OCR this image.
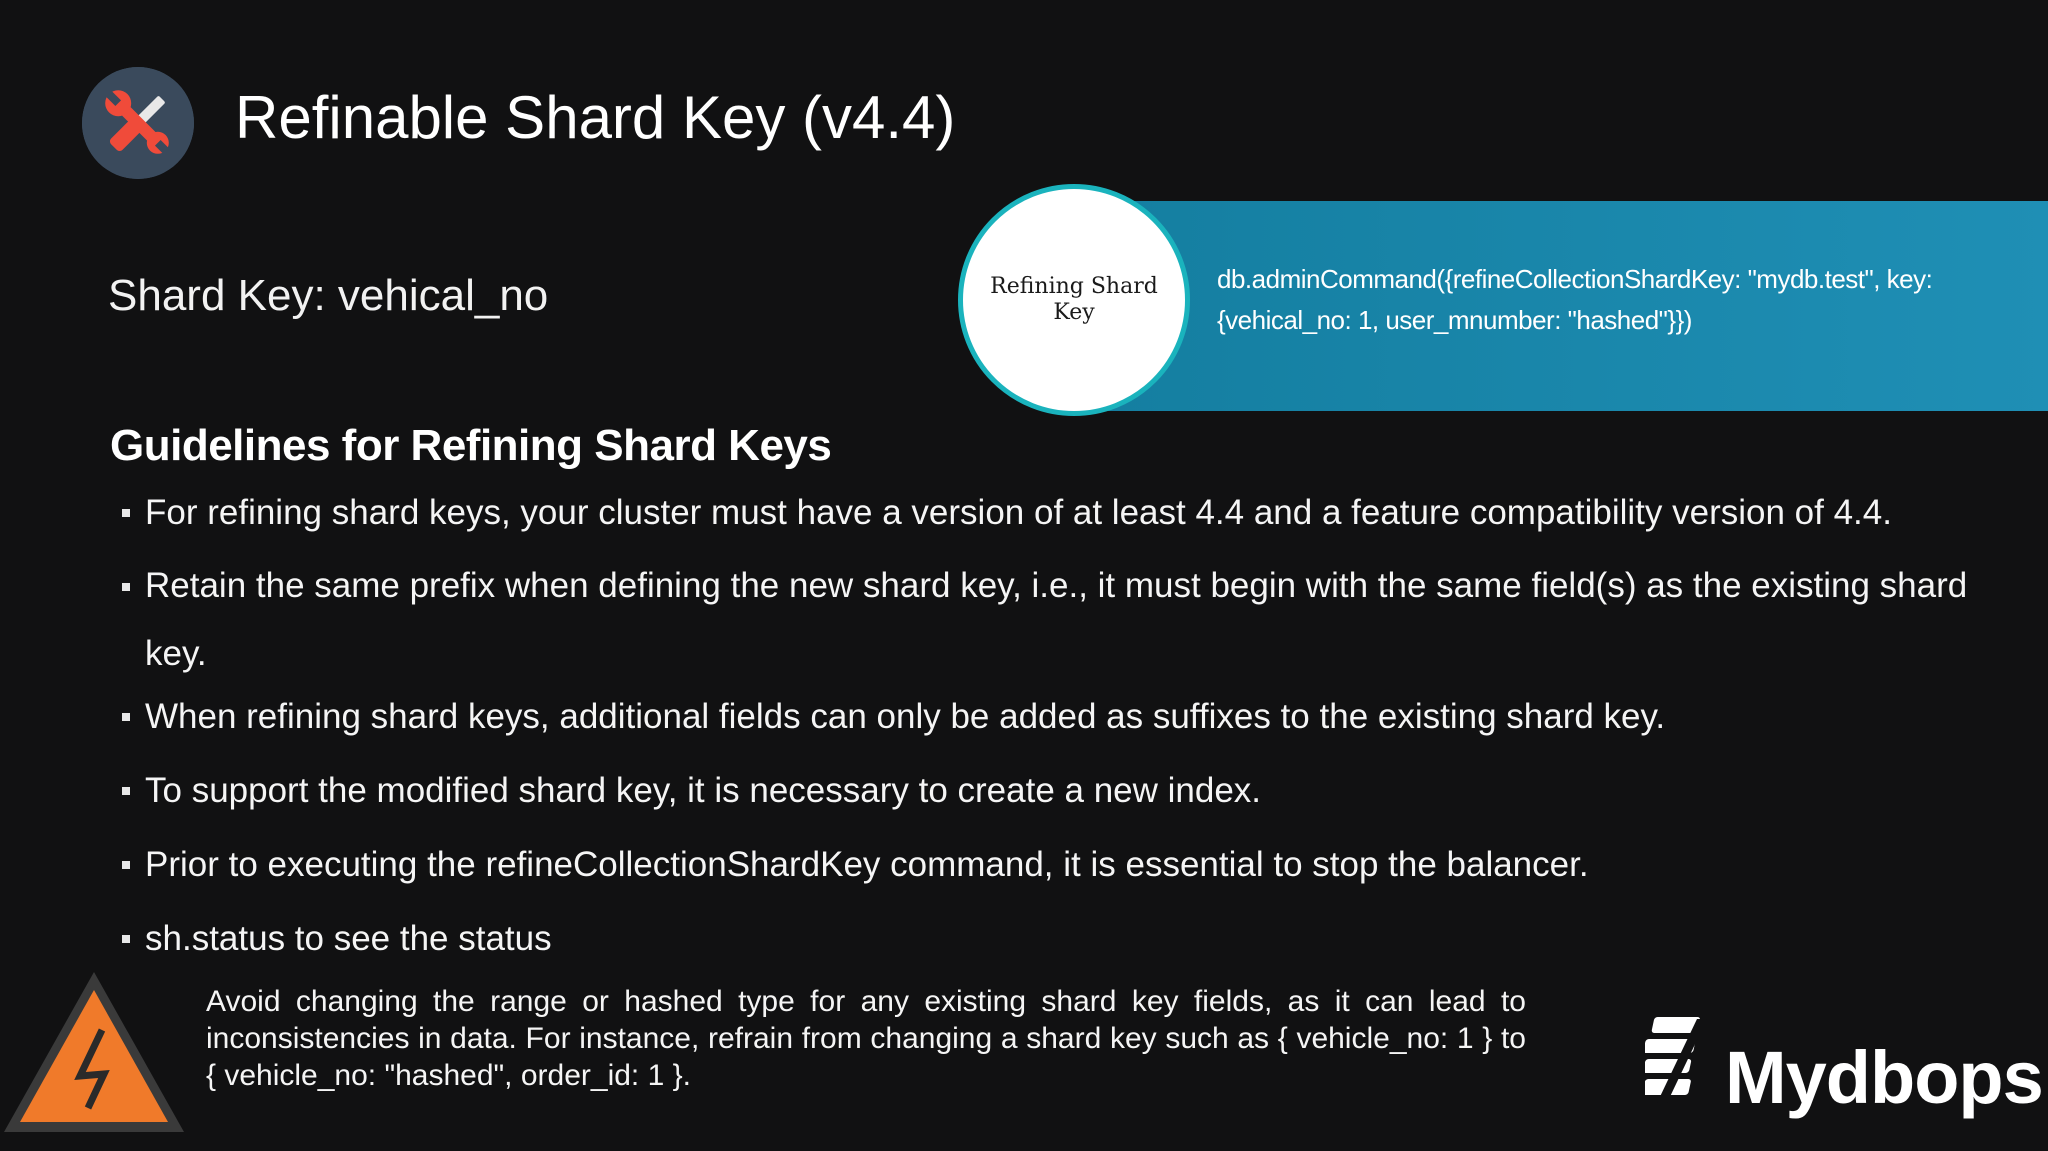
Refinable Shard Key (v4.4)
Shard Key: vehical_no	db.adminCommand({refineCollectionShardKey: "mydb.test", key: {vehical_no: 1, user_mnumber: "hashed"}})
Refining Shard Key
Guidelines for Refining Shard Keys
For refining shard keys, your cluster must have a version of at least 4.4 and a feature compatibility version of 4.4.
Retain the same prefix when defining the new shard key, i.e., it must begin with the same field(s) as the existing shard key.
When refining shard keys, additional fields can only be added as suffixes to the existing shard key.
To support the modified shard key, it is necessary to create a new index.
Prior to executing the refineCollectionShardKey command, it is essential to stop the balancer.
sh.status to see the status
Avoid changing the range or hashed type for any existing shard key fields, as it can lead to inconsistencies in data. For instance, refrain from changing a shard key such as { vehicle_no: 1 } to { vehicle_no: "hashed", order_id: 1 }.	Mydbops
